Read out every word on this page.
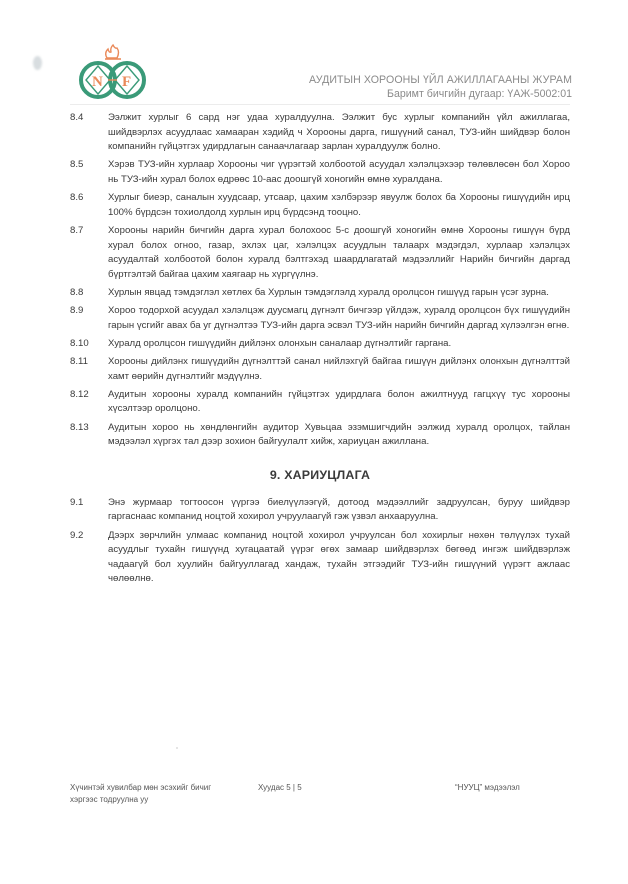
N F	АУДИТЫН ХОРООНЫ ҮЙЛ АЖИЛЛАГААНЫ ЖУРАМ
Баримт бичгийн дугаар: ҮАЖ-5002:01
8.4	Ээлжит хурлыг 6 сард нэг удаа хуралдуулна. Ээлжит бус хурлыг компанийн үйл ажиллагаа, шийдвэрлэх асуудлаас хамааран хэдийд ч Хорооны дарга, гишүүний санал, ТУЗ-ийн шийдвэр болон компанийн гүйцэтгэх удирдлагын санаачлагаар зарлан хуралдуулж болно.
8.5	Хэрэв ТУЗ-ийн хурлаар Хорооны чиг үүрэгтэй холбоотой асуудал хэлэлцэхээр төлөвлөсөн бол Хороо нь ТУЗ-ийн хурал болох өдрөөс 10-аас доошгүй хоногийн өмнө хуралдана.
8.6	Хурлыг биеэр, саналын хуудсаар, утсаар, цахим хэлбэрээр явуулж болох ба Хорооны гишүүдийн ирц 100% бүрдсэн тохиолдолд хурлын ирц бүрдсэнд тооцно.
8.7	Хорооны нарийн бичгийн дарга хурал болохоос 5-с доошгүй хоногийн өмнө Хорооны гишүүн бүрд хурал болох огноо, газар, эхлэх цаг, хэлэлцэх асуудлын талаарх мэдэгдэл, хурлаар хэлэлцэх асуудалтай холбоотой болон хуралд бэлтгэхэд шаардлагатай мэдээллийг Нарийн бичгийн даргад бүртгэлтэй байгаа цахим хаягаар нь хүргүүлнэ.
8.8	Хурлын явцад тэмдэглэл хөтлөх ба Хурлын тэмдэглэлд хуралд оролцсон гишүүд гарын үсэг зурна.
8.9	Хороо тодорхой асуудал хэлэлцэж дуусмагц дүгнэлт бичгээр үйлдэж, хуралд оролцсон бүх гишүүдийн гарын үсгийг авах ба уг дүгнэлтээ ТУЗ-ийн дарга эсвэл ТУЗ-ийн нарийн бичгийн даргад хүлээлгэн өгнө.
8.10	Хуралд оролцсон гишүүдийн дийлэнх олонхын саналаар дүгнэлтийг гаргана.
8.11	Хорооны дийлэнх гишүүдийн дүгнэлттэй санал нийлэхгүй байгаа гишүүн дийлэнх олонхын дүгнэлттэй хамт өөрийн дүгнэлтийг мэдүүлнэ.
8.12	Аудитын хорооны хуралд компанийн гүйцэтгэх удирдлага болон ажилтнууд гагцхүү тус хорооны хүсэлтээр оролцоно.
8.13	Аудитын хороо нь хөндлөнгийн аудитор Хувьцаа эзэмшигчдийн ээлжид хуралд оролцох, тайлан мэдээлэл хүргэх тал дээр зохион байгуулалт хийж, хариуцан ажиллана.
9. ХАРИУЦЛАГА
9.1	Энэ журмаар тогтоосон үүргээ биелүүлээгүй, дотоод мэдээллийг задруулсан, буруу шийдвэр гаргаснаас компанид ноцтой хохирол учруулаагүй гэж үзвэл анхааруулна.
9.2	Дээрх зөрчлийн улмаас компанид ноцтой хохирол учруулсан бол хохирлыг нөхөн төлүүлэх тухай асуудлыг тухайн гишүүнд хугацаатай үүрэг өгөх замаар шийдвэрлэх бөгөөд ингэж шийдвэрлэж чадаагүй бол хуулийн байгууллагад хандаж, тухайн этгээдийг ТУЗ-ийн гишүүний үүрэгт ажлаас чөлөөлнө.
Хүчинтэй хувилбар мөн эсэхийг бичиг хэргээс тодруулна уу
Хуудас 5 | 5	“НУУЦ” мэдээлэл
